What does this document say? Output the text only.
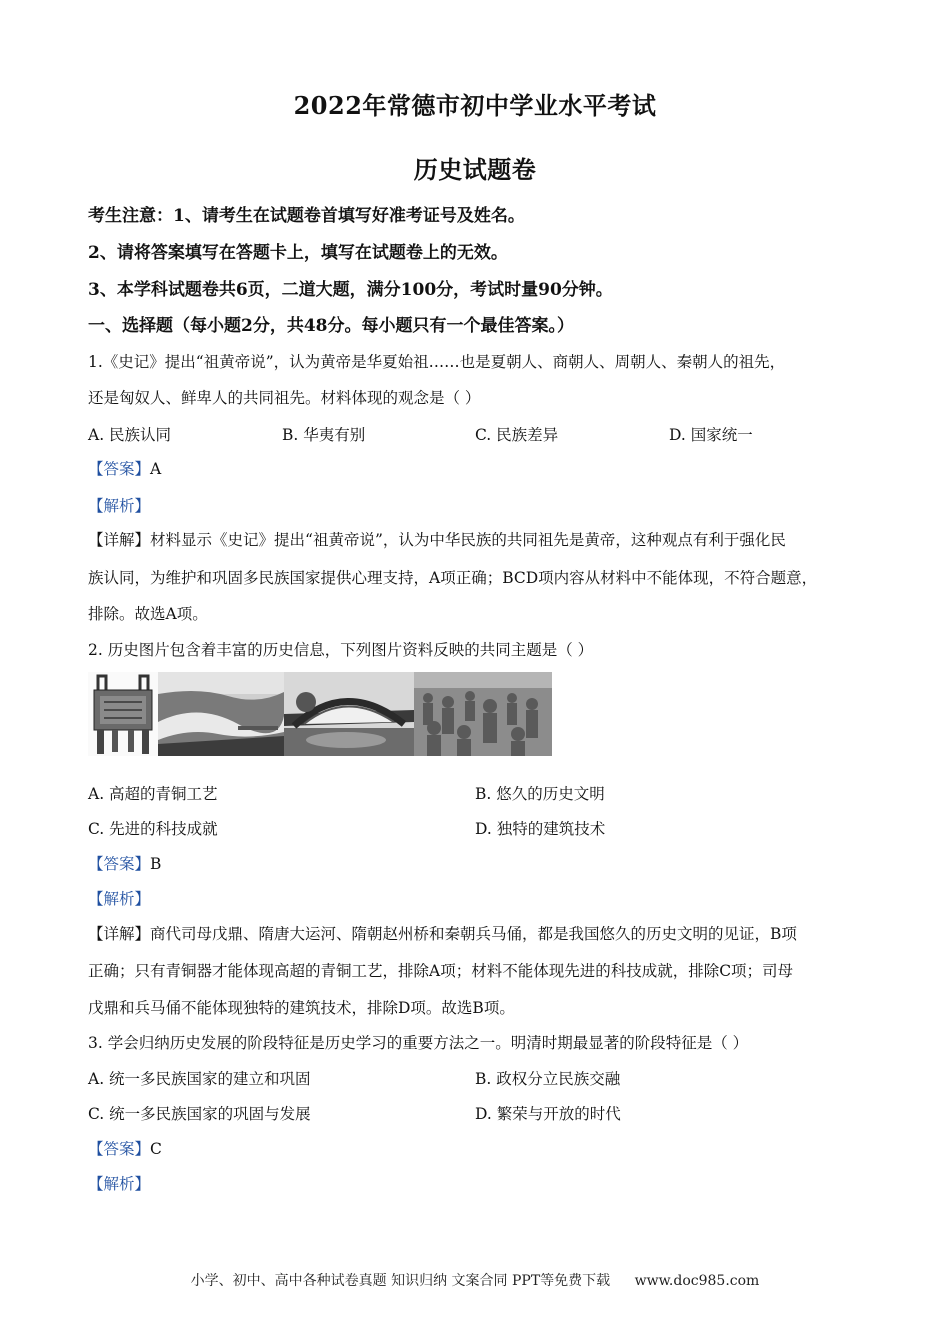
2022年常德市初中学业水平考试
历史试题卷
考生注意：1、请考生在试题卷首填写好准考证号及姓名。
2、请将答案填写在答题卡上，填写在试题卷上的无效。
3、本学科试题卷共6页，二道大题，满分100分，考试时量90分钟。
一、选择题（每小题2分，共48分。每小题只有一个最佳答案。）
1.《史记》提出“祖黄帝说”，认为黄帝是华夏始祖……也是夏朝人、商朝人、周朝人、秦朝人的祖先，
还是匈奴人、鲜卑人的共同祖先。材料体现的观念是（ ）
A. 民族认同	B. 华夷有别	C. 民族差异	D. 国家统一
【答案】A
【解析】
【详解】材料显示《史记》提出“祖黄帝说”，认为中华民族的共同祖先是黄帝，这种观点有利于强化民
族认同，为维护和巩固多民族国家提供心理支持，A项正确；BCD项内容从材料中不能体现，不符合题意，
排除。故选A项。
2. 历史图片包含着丰富的历史信息，下列图片资料反映的共同主题是（ ）
A. 高超的青铜工艺	B. 悠久的历史文明
C. 先进的科技成就	D. 独特的建筑技术
【答案】B
【解析】
【详解】商代司母戊鼎、隋唐大运河、隋朝赵州桥和秦朝兵马俑，都是我国悠久的历史文明的见证，B项
正确；只有青铜器才能体现高超的青铜工艺，排除A项；材料不能体现先进的科技成就，排除C项；司母
戊鼎和兵马俑不能体现独特的建筑技术，排除D项。故选B项。
3. 学会归纳历史发展的阶段特征是历史学习的重要方法之一。明清时期最显著的阶段特征是（ ）
A. 统一多民族国家的建立和巩固	B. 政权分立民族交融
C. 统一多民族国家的巩固与发展	D. 繁荣与开放的时代
【答案】C
【解析】
小学、初中、高中各种试卷真题 知识归纳 文案合同 PPT等免费下载 www.doc985.com
